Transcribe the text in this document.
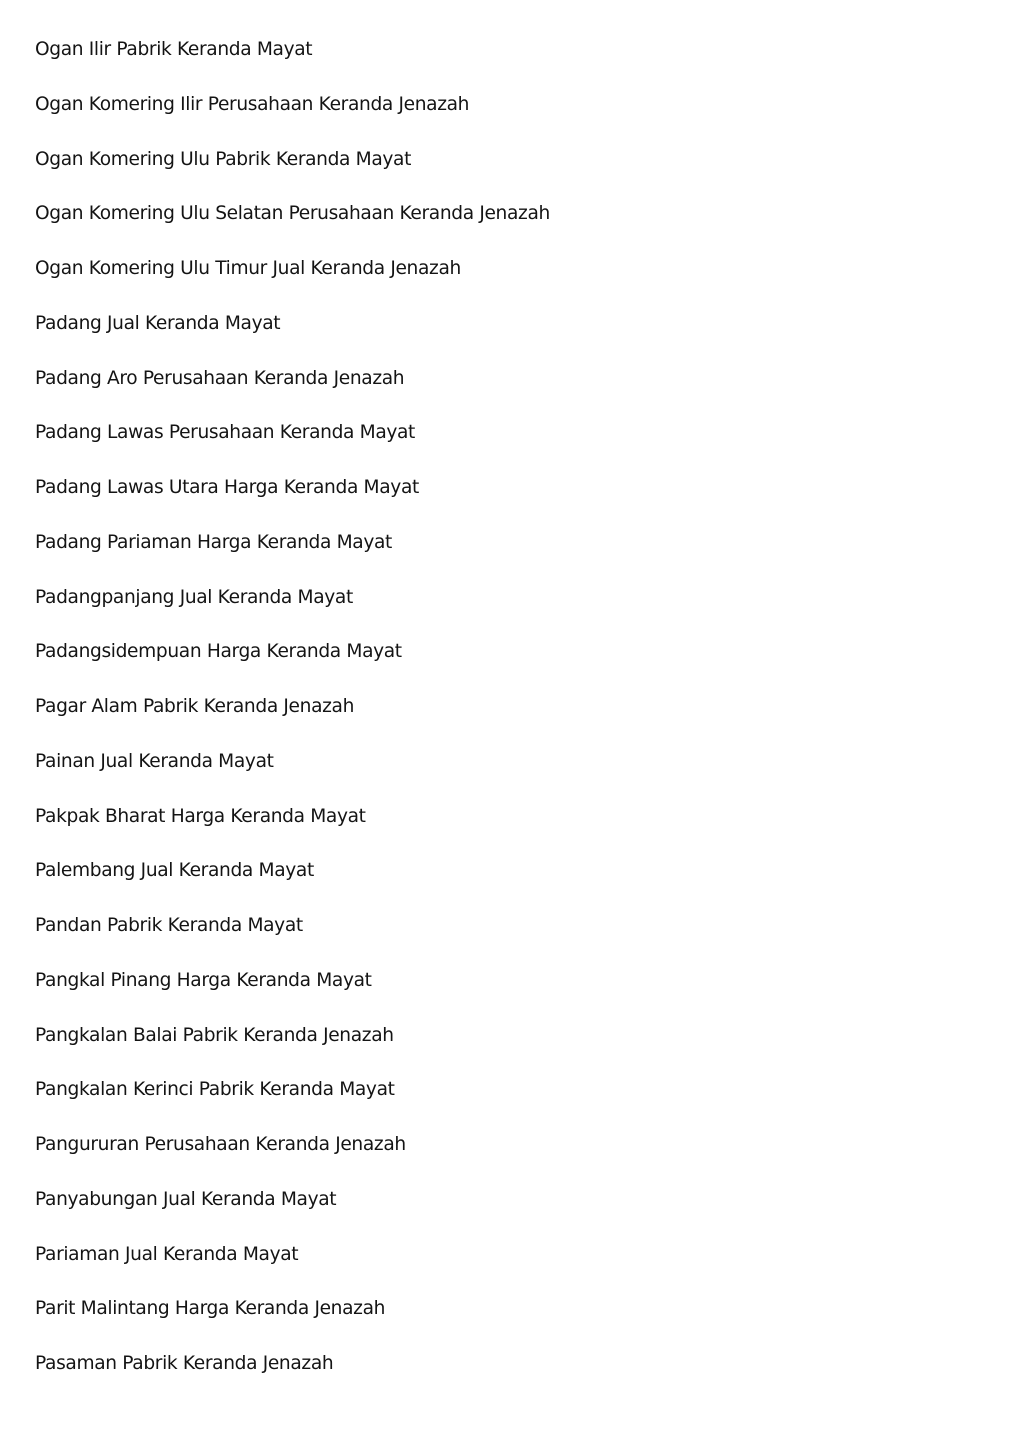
Ogan Ilir Pabrik Keranda Mayat
Ogan Komering Ilir Perusahaan Keranda Jenazah
Ogan Komering Ulu Pabrik Keranda Mayat
Ogan Komering Ulu Selatan Perusahaan Keranda Jenazah
Ogan Komering Ulu Timur Jual Keranda Jenazah
Padang Jual Keranda Mayat
Padang Aro Perusahaan Keranda Jenazah
Padang Lawas Perusahaan Keranda Mayat
Padang Lawas Utara Harga Keranda Mayat
Padang Pariaman Harga Keranda Mayat
Padangpanjang Jual Keranda Mayat
Padangsidempuan Harga Keranda Mayat
Pagar Alam Pabrik Keranda Jenazah
Painan Jual Keranda Mayat
Pakpak Bharat Harga Keranda Mayat
Palembang Jual Keranda Mayat
Pandan Pabrik Keranda Mayat
Pangkal Pinang Harga Keranda Mayat
Pangkalan Balai Pabrik Keranda Jenazah
Pangkalan Kerinci Pabrik Keranda Mayat
Pangururan Perusahaan Keranda Jenazah
Panyabungan Jual Keranda Mayat
Pariaman Jual Keranda Mayat
Parit Malintang Harga Keranda Jenazah
Pasaman Pabrik Keranda Jenazah
